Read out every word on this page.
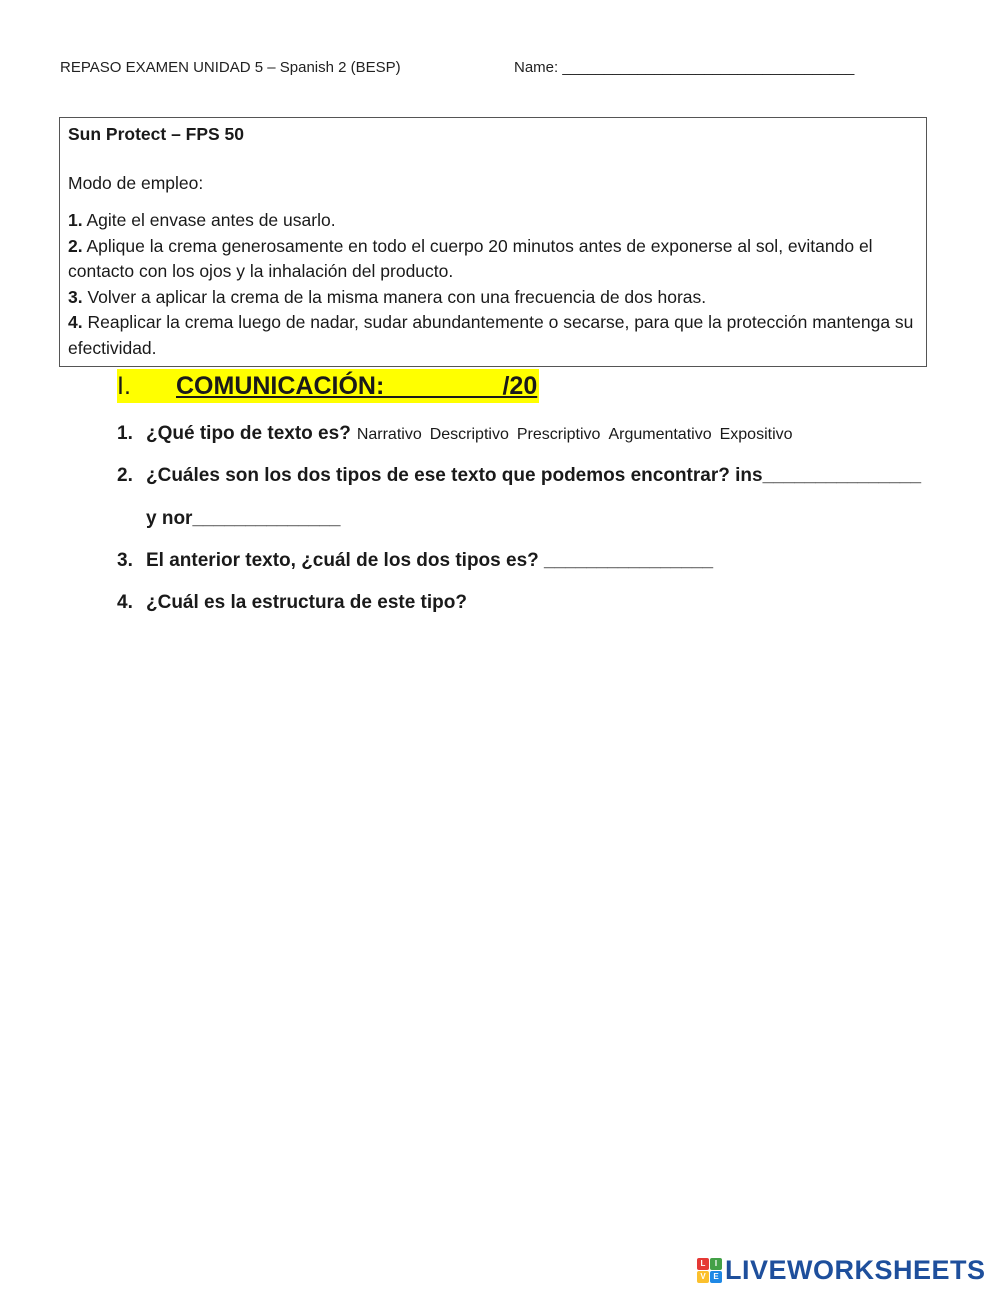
REPASO EXAMEN UNIDAD 5 – Spanish 2 (BESP)	Name: ___________________________________
Sun Protect – FPS 50
Modo de empleo:
1. Agite el envase antes de usarlo.
2. Aplique la crema generosamente en todo el cuerpo 20 minutos antes de exponerse al sol, evitando el contacto con los ojos y la inhalación del producto.
3. Volver a aplicar la crema de la misma manera con una frecuencia de dos horas.
4. Reaplicar la crema luego de nadar, sudar abundantemente o secarse, para que la protección mantenga su efectividad.
I. COMUNICACIÓN: ________/20
1. ¿Qué tipo de texto es? Narrativo Descriptivo Prescriptivo Argumentativo Expositivo
2. ¿Cuáles son los dos tipos de ese texto que podemos encontrar? ins_______________
y nor______________
3. El anterior texto, ¿cuál de los dos tipos es? ________________
4. ¿Cuál es la estructura de este tipo?
L	I
V E LIVEWORKSHEETS
